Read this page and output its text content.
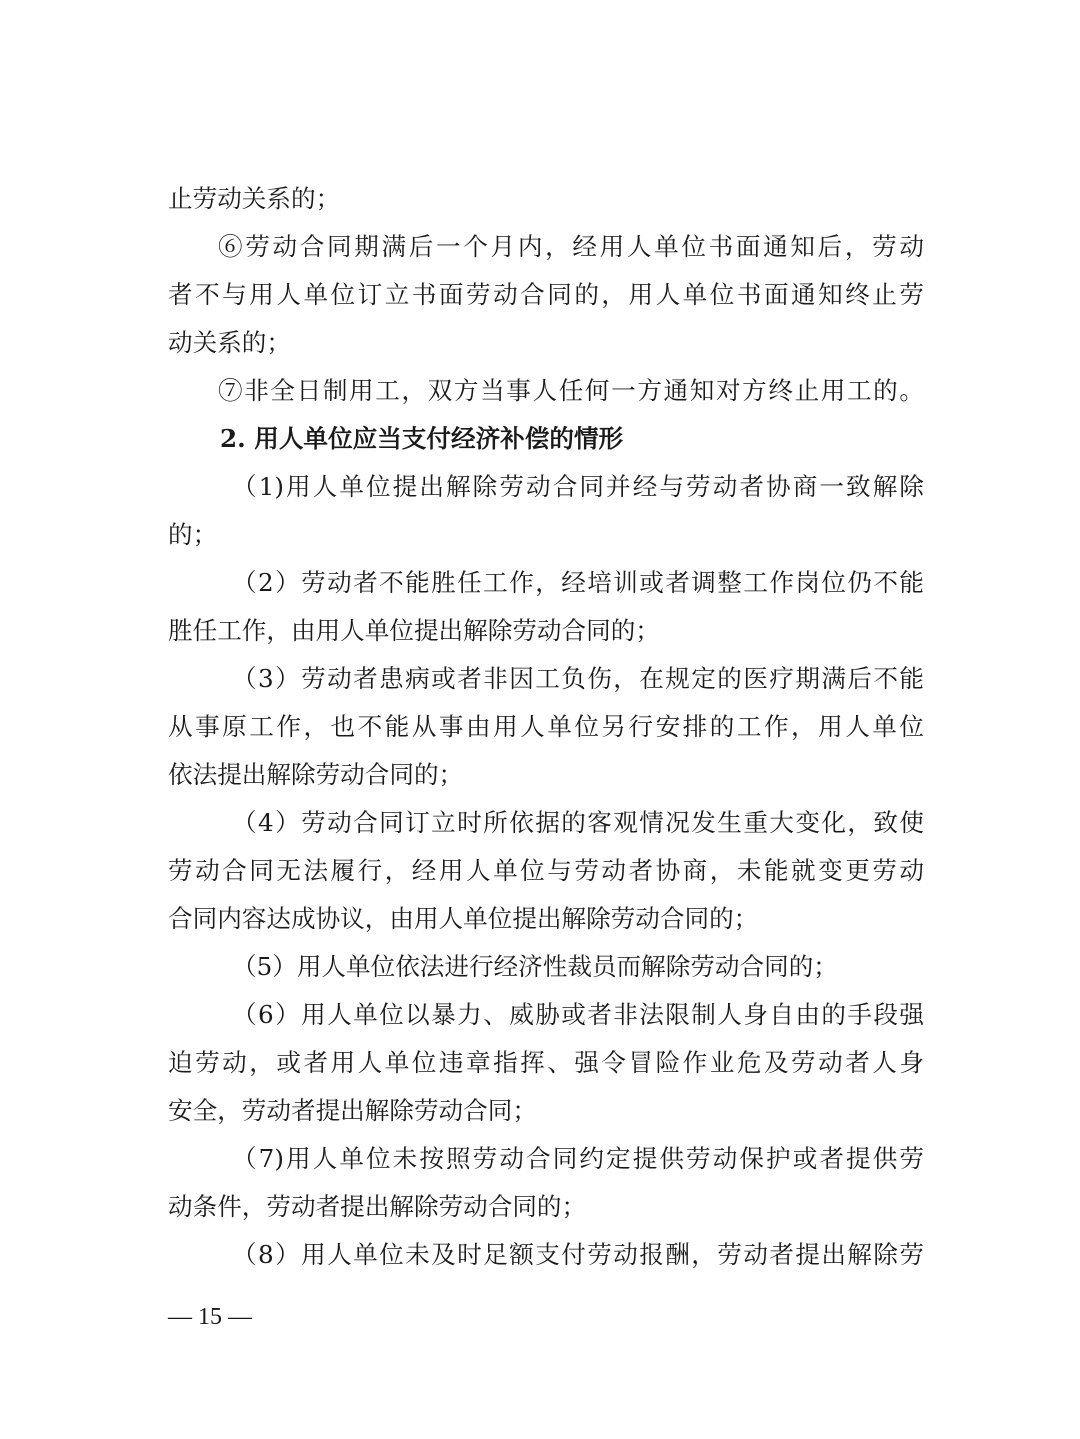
止劳动关系的；
⑥劳动合同期满后一个月内，经用人单位书面通知后，劳动
者不与用人单位订立书面劳动合同的，用人单位书面通知终止劳
动关系的；
⑦非全日制用工，双方当事人任何一方通知对方终止用工的。
2. 用人单位应当支付经济补偿的情形
（1)用人单位提出解除劳动合同并经与劳动者协商一致解除
的；
（2）劳动者不能胜任工作，经培训或者调整工作岗位仍不能
胜任工作，由用人单位提出解除劳动合同的；
（3）劳动者患病或者非因工负伤，在规定的医疗期满后不能
从事原工作，也不能从事由用人单位另行安排的工作，用人单位
依法提出解除劳动合同的；
（4）劳动合同订立时所依据的客观情况发生重大变化，致使
劳动合同无法履行，经用人单位与劳动者协商，未能就变更劳动
合同内容达成协议，由用人单位提出解除劳动合同的；
（5）用人单位依法进行经济性裁员而解除劳动合同的；
（6）用人单位以暴力、威胁或者非法限制人身自由的手段强
迫劳动，或者用人单位违章指挥、强令冒险作业危及劳动者人身
安全，劳动者提出解除劳动合同；
（7)用人单位未按照劳动合同约定提供劳动保护或者提供劳
动条件，劳动者提出解除劳动合同的；
（8）用人单位未及时足额支付劳动报酬，劳动者提出解除劳
— 15 —
